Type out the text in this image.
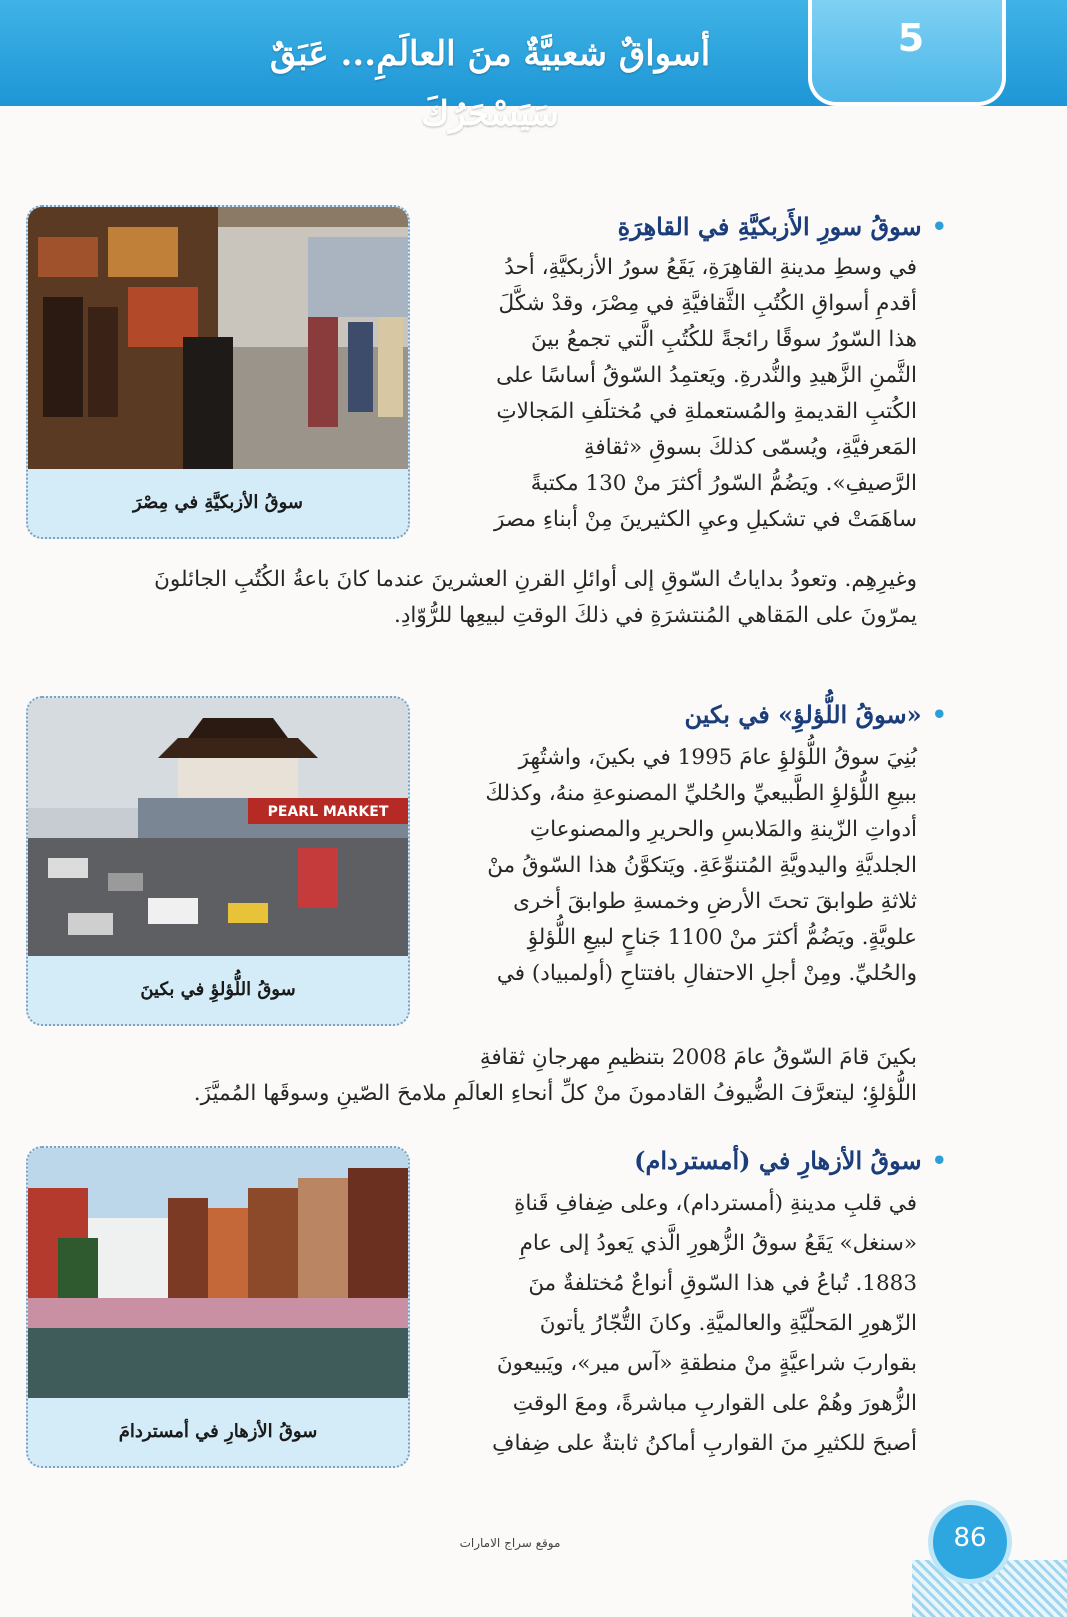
أسواقٌ شعبيَّةٌ منَ العالَمِ... عَبَقٌ سَيَسْحَرُكَ
5
سوقُ الأزبكيَّةِ في مِصْرَ
•سوقُ سورِ الأَزبكيَّةِ في القاهِرَةِ
في وسطِ مدينةِ القاهِرَةِ، يَقَعُ سورُ الأزبكيَّةِ، أحدُ
أقدمِ أسواقِ الكُتُبِ الثَّقافيَّةِ في مِصْرَ، وقدْ شكَّلَ
هذا السّورُ سوقًا رائجةً للكُتُبِ الَّتي تجمعُ بينَ
الثَّمنِ الزَّهيدِ والنُّدرةِ. ويَعتمِدُ السّوقُ أساسًا على
الكُتبِ القديمةِ والمُستعملةِ في مُختلَفِ المَجالاتِ
المَعرفيَّةِ، ويُسمّى كذلكَ بسوقِ «ثقافةِ
الرَّصيفِ». ويَضُمُّ السّورُ أكثرَ منْ 130 مكتبةً
ساهَمَتْ في تشكيلِ وعيِ الكثيرينَ مِنْ أبناءِ مصرَ
وغيرِهِم. وتعودُ بداياتُ السّوقِ إلى أوائلِ القرنِ العشرينَ عندما كانَ باعةُ الكُتُبِ الجائلونَ
يمرّونَ على المَقاهي المُنتشرَةِ في ذلكَ الوقتِ لبيعِها للرُّوّادِ.
PEARL MARKET
سوقُ اللُّؤلؤِ في بكينَ
•«سوقُ اللُّؤلؤِ» في بكين
بُنِيَ سوقُ اللُّؤلؤِ عامَ 1995 في بكينَ، واشتُهِرَ
ببيعِ اللُّؤلؤِ الطَّبيعيِّ والحُليِّ المصنوعةِ منهُ، وكذلكَ
أدواتِ الزّينةِ والمَلابسِ والحريرِ والمصنوعاتِ
الجلديَّةِ واليدويَّةِ المُتنوِّعَةِ. ويَتكوَّنُ هذا السّوقُ منْ
ثلاثةِ طوابقَ تحتَ الأرضِ وخمسةِ طوابقَ أخرى
علويَّةٍ. ويَضُمُّ أكثرَ منْ 1100 جَناحٍ لبيعِ اللُّؤلؤِ
والحُليِّ. ومِنْ أجلِ الاحتفالِ بافتتاحِ (أولمبياد) في
بكينَ قامَ السّوقُ عامَ 2008 بتنظيمِ مهرجانِ ثقافةِ
اللُّؤلؤِ؛ ليتعرَّفَ الضُّيوفُ القادمونَ منْ كلِّ أنحاءِ العالَمِ ملامحَ الصّينِ وسوقَها المُميَّزَ.
سوقُ الأزهارِ في أمستردامَ
•سوقُ الأزهارِ في (أمستردام)
في قلبِ مدينةِ (أمستردام)، وعلى ضِفافِ قَناةِ
«سنغل» يَقَعُ سوقُ الزُّهورِ الَّذي يَعودُ إلى عامِ
1883. تُباعُ في هذا السّوقِ أنواعٌ مُختلفةٌ منَ
الزّهورِ المَحلّيَّةِ والعالميَّةِ. وكانَ التُّجّارُ يأتونَ
بقواربَ شراعيَّةٍ منْ منطقةِ «آس مير»، ويَبيعونَ
الزُّهورَ وهُمْ على القواربِ مباشرةً، ومعَ الوقتِ
أصبحَ للكثيرِ منَ القواربِ أماكنُ ثابتةٌ على ضِفافِ
موقع سراج الامارات	86
